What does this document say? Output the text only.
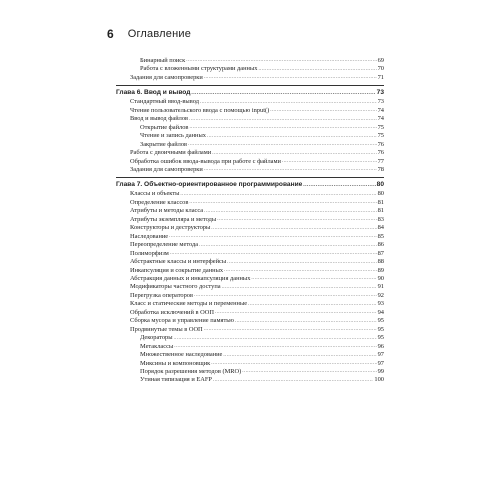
6 Оглавление
Бинарный поиск .....	69
Работа с вложенными структурами данных .....	70
Задания для самопроверки .....	71
Глава 6. Ввод и вывод .....	73
Стандартный ввод-вывод .....	73
Чтение пользовательского ввода с помощью input() .....	74
Ввод и вывод файлов .....	74
Открытие файлов .....	75
Чтение и запись данных .....	75
Закрытие файлов .....	76
Работа с двоичными файлами .....	76
Обработка ошибок ввода-вывода при работе с файлами .....	77
Задания для самопроверки .....	78
Глава 7. Объектно-ориентированное программирование .....	80
Классы и объекты .....	80
Определение классов .....	81
Атрибуты и методы класса .....	81
Атрибуты экземпляра и методы .....	83
Конструкторы и деструкторы .....	84
Наследование .....	85
Переопределение метода .....	86
Полиморфизм .....	87
Абстрактные классы и интерфейсы .....	88
Инкапсуляция и сокрытие данных .....	89
Абстракция данных и инкапсуляция данных .....	90
Модификаторы частного доступа .....	91
Перегрузка операторов .....	92
Класс и статические методы и переменные .....	93
Обработка исключений в ООП .....	94
Сборка мусора и управление памятью .....	95
Продвинутые темы в ООП .....	95
Декораторы .....	95
Метаклассы .....	96
Множественное наследование .....	97
Миксины и компоновщик .....	97
Порядок разрешения методов (MRO) .....	99
Утиная типизация и EAFP .....	100
